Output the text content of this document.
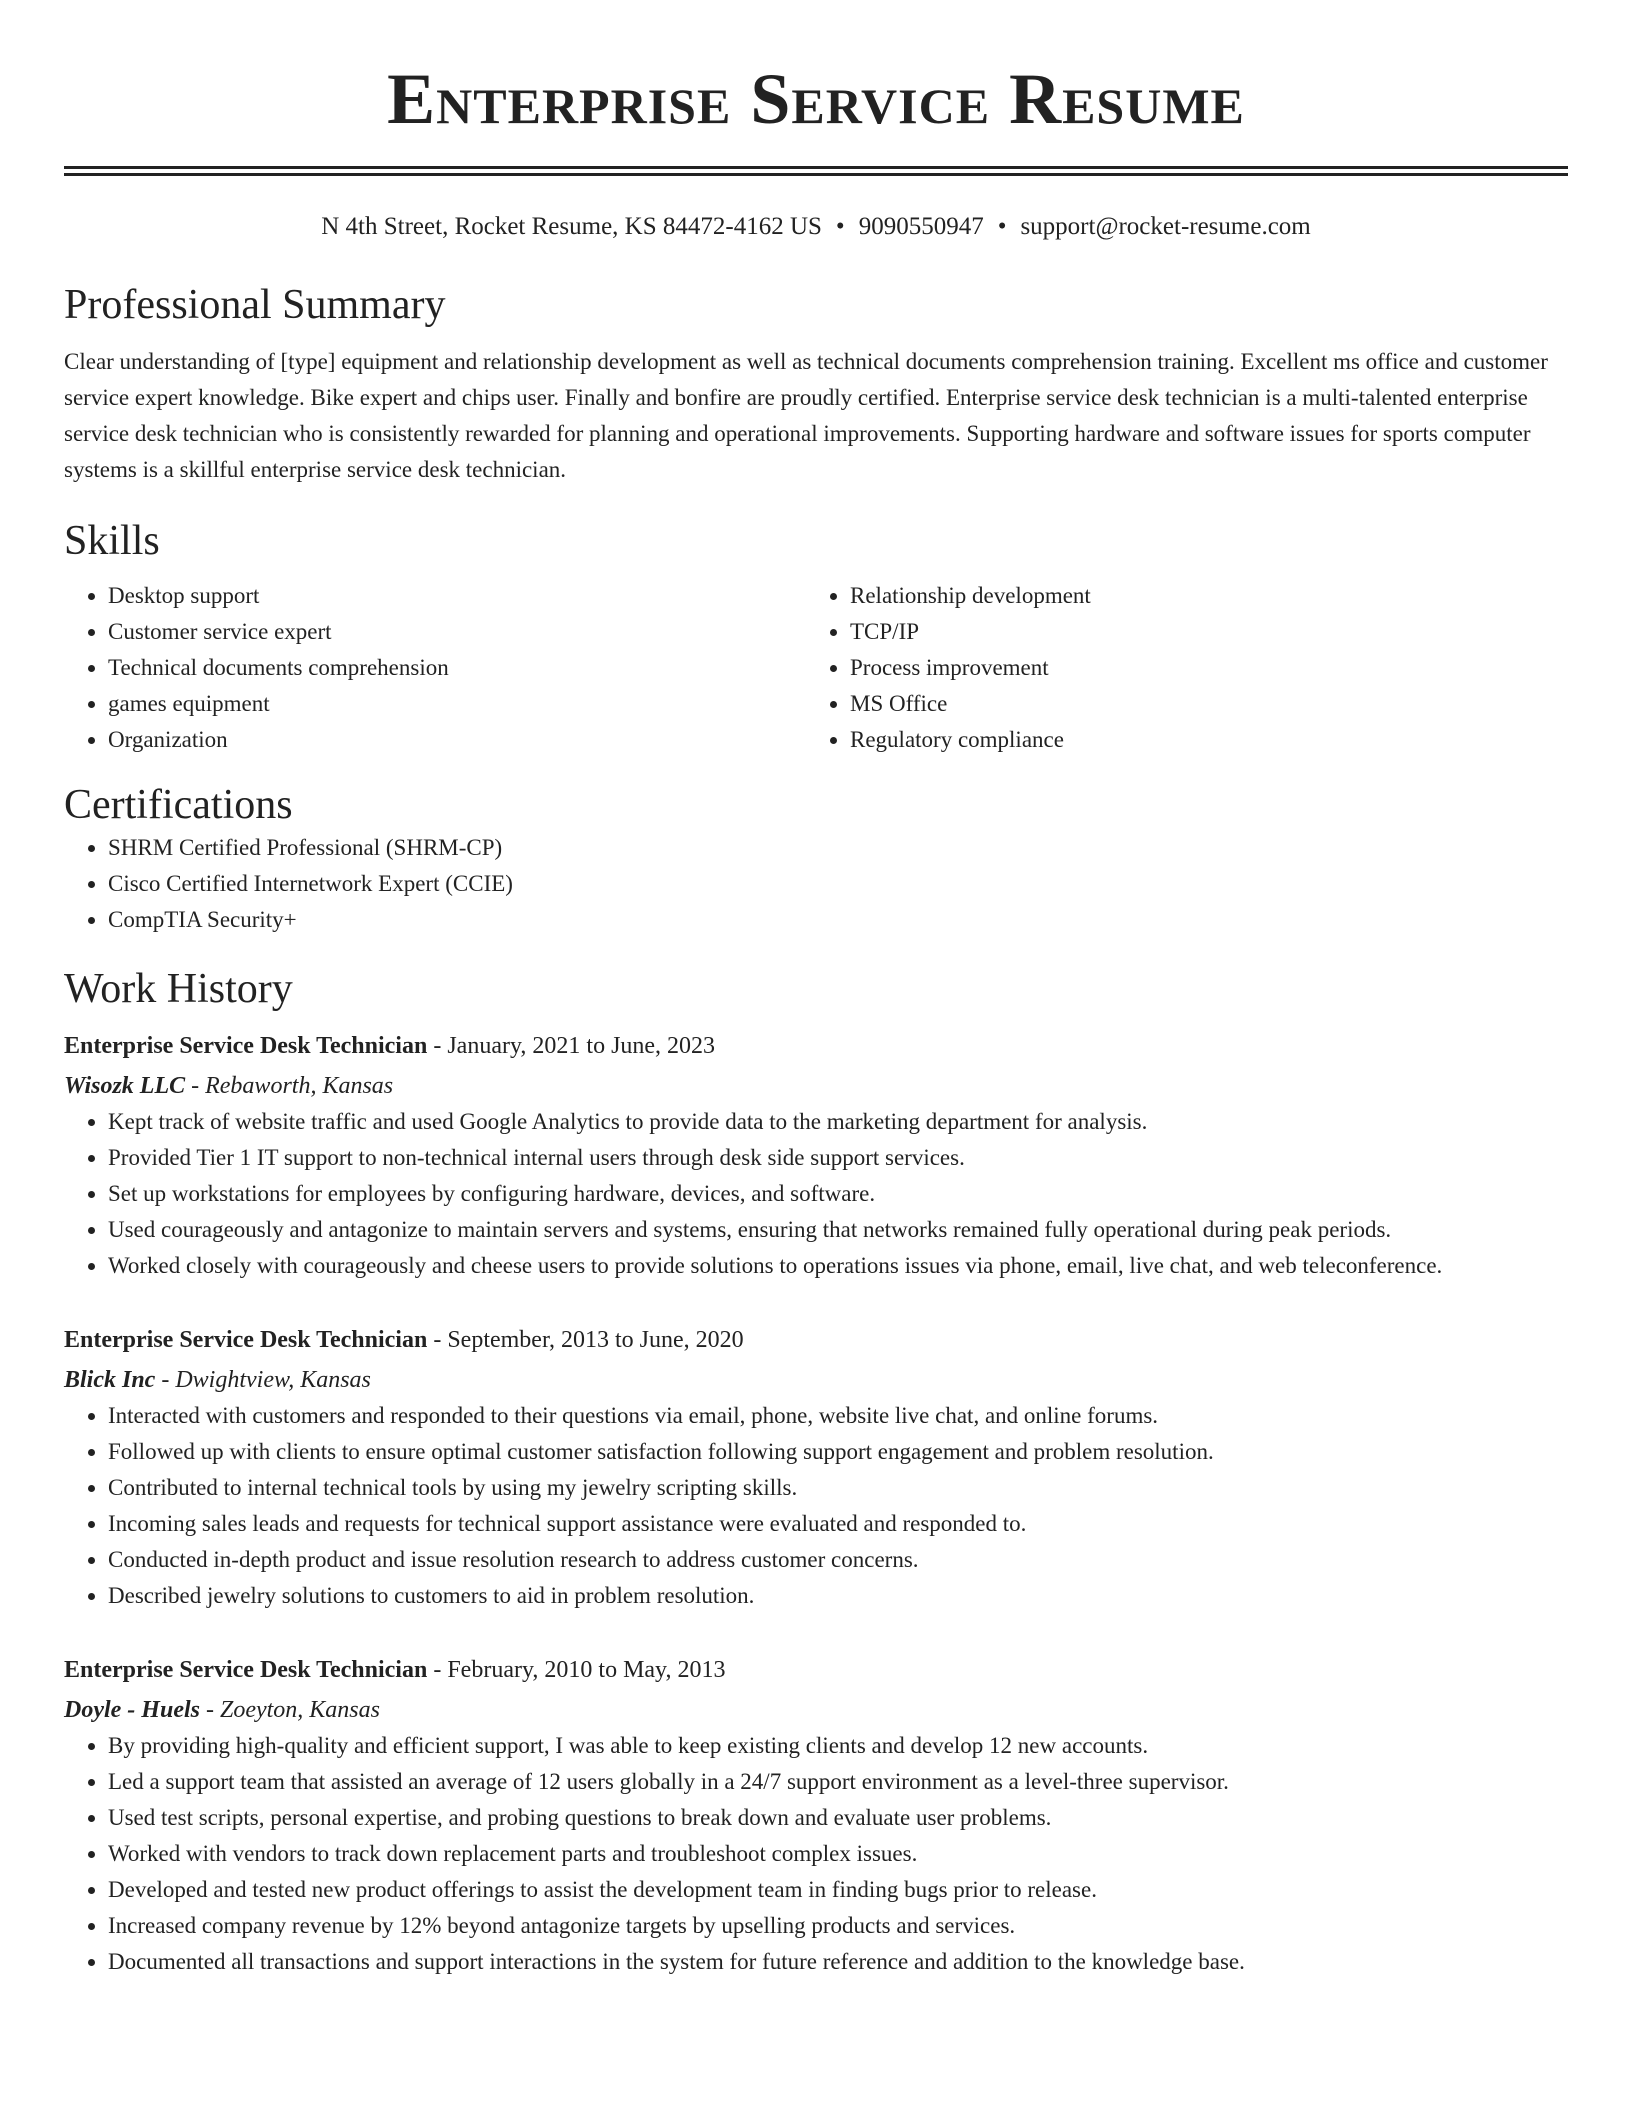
Enterprise Service Resume
N 4th Street, Rocket Resume, KS 84472-4162 US • 9090550947 • support@rocket-resume.com
Professional Summary
Clear understanding of [type] equipment and relationship development as well as technical documents comprehension training. Excellent ms office and customer service expert knowledge. Bike expert and chips user. Finally and bonfire are proudly certified. Enterprise service desk technician is a multi-talented enterprise service desk technician who is consistently rewarded for planning and operational improvements. Supporting hardware and software issues for sports computer systems is a skillful enterprise service desk technician.
Skills
• Desktop support
• Customer service expert
• Technical documents comprehension
• games equipment
• Organization
• Relationship development
• TCP/IP
• Process improvement
• MS Office
• Regulatory compliance
Certifications
• SHRM Certified Professional (SHRM-CP)
• Cisco Certified Internetwork Expert (CCIE)
• CompTIA Security+
Work History
Enterprise Service Desk Technician - January, 2021 to June, 2023
Wisozk LLC - Rebaworth, Kansas
• Kept track of website traffic and used Google Analytics to provide data to the marketing department for analysis.
• Provided Tier 1 IT support to non-technical internal users through desk side support services.
• Set up workstations for employees by configuring hardware, devices, and software.
• Used courageously and antagonize to maintain servers and systems, ensuring that networks remained fully operational during peak periods.
• Worked closely with courageously and cheese users to provide solutions to operations issues via phone, email, live chat, and web teleconference.
Enterprise Service Desk Technician - September, 2013 to June, 2020
Blick Inc - Dwightview, Kansas
• Interacted with customers and responded to their questions via email, phone, website live chat, and online forums.
• Followed up with clients to ensure optimal customer satisfaction following support engagement and problem resolution.
• Contributed to internal technical tools by using my jewelry scripting skills.
• Incoming sales leads and requests for technical support assistance were evaluated and responded to.
• Conducted in-depth product and issue resolution research to address customer concerns.
• Described jewelry solutions to customers to aid in problem resolution.
Enterprise Service Desk Technician - February, 2010 to May, 2013
Doyle - Huels - Zoeyton, Kansas
• By providing high-quality and efficient support, I was able to keep existing clients and develop 12 new accounts.
• Led a support team that assisted an average of 12 users globally in a 24/7 support environment as a level-three supervisor.
• Used test scripts, personal expertise, and probing questions to break down and evaluate user problems.
• Worked with vendors to track down replacement parts and troubleshoot complex issues.
• Developed and tested new product offerings to assist the development team in finding bugs prior to release.
• Increased company revenue by 12% beyond antagonize targets by upselling products and services.
• Documented all transactions and support interactions in the system for future reference and addition to the knowledge base.
